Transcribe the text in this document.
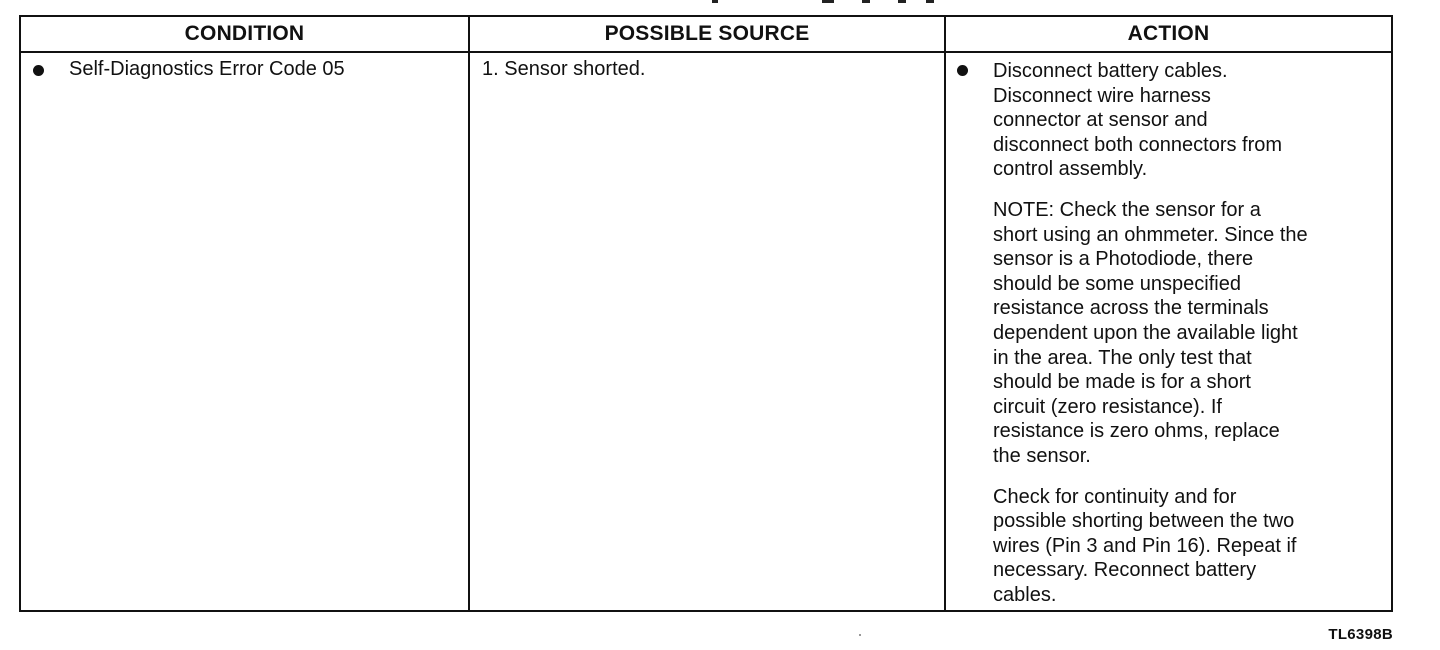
CONDITION	POSSIBLE SOURCE	ACTION
Self-Diagnostics Error Code 05	1. Sensor shorted.	Disconnect battery cables.
Disconnect wire harness
connector at sensor and
disconnect both connectors from
control assembly.

NOTE: Check the sensor for a
short using an ohmmeter. Since the
sensor is a Photodiode, there
should be some unspecified
resistance across the terminals
dependent upon the available light
in the area. The only test that
should be made is for a short
circuit (zero resistance). If
resistance is zero ohms, replace
the sensor.

Check for continuity and for
possible shorting between the two
wires (Pin 3 and Pin 16). Repeat if
necessary. Reconnect battery
cables.

TL6398B
